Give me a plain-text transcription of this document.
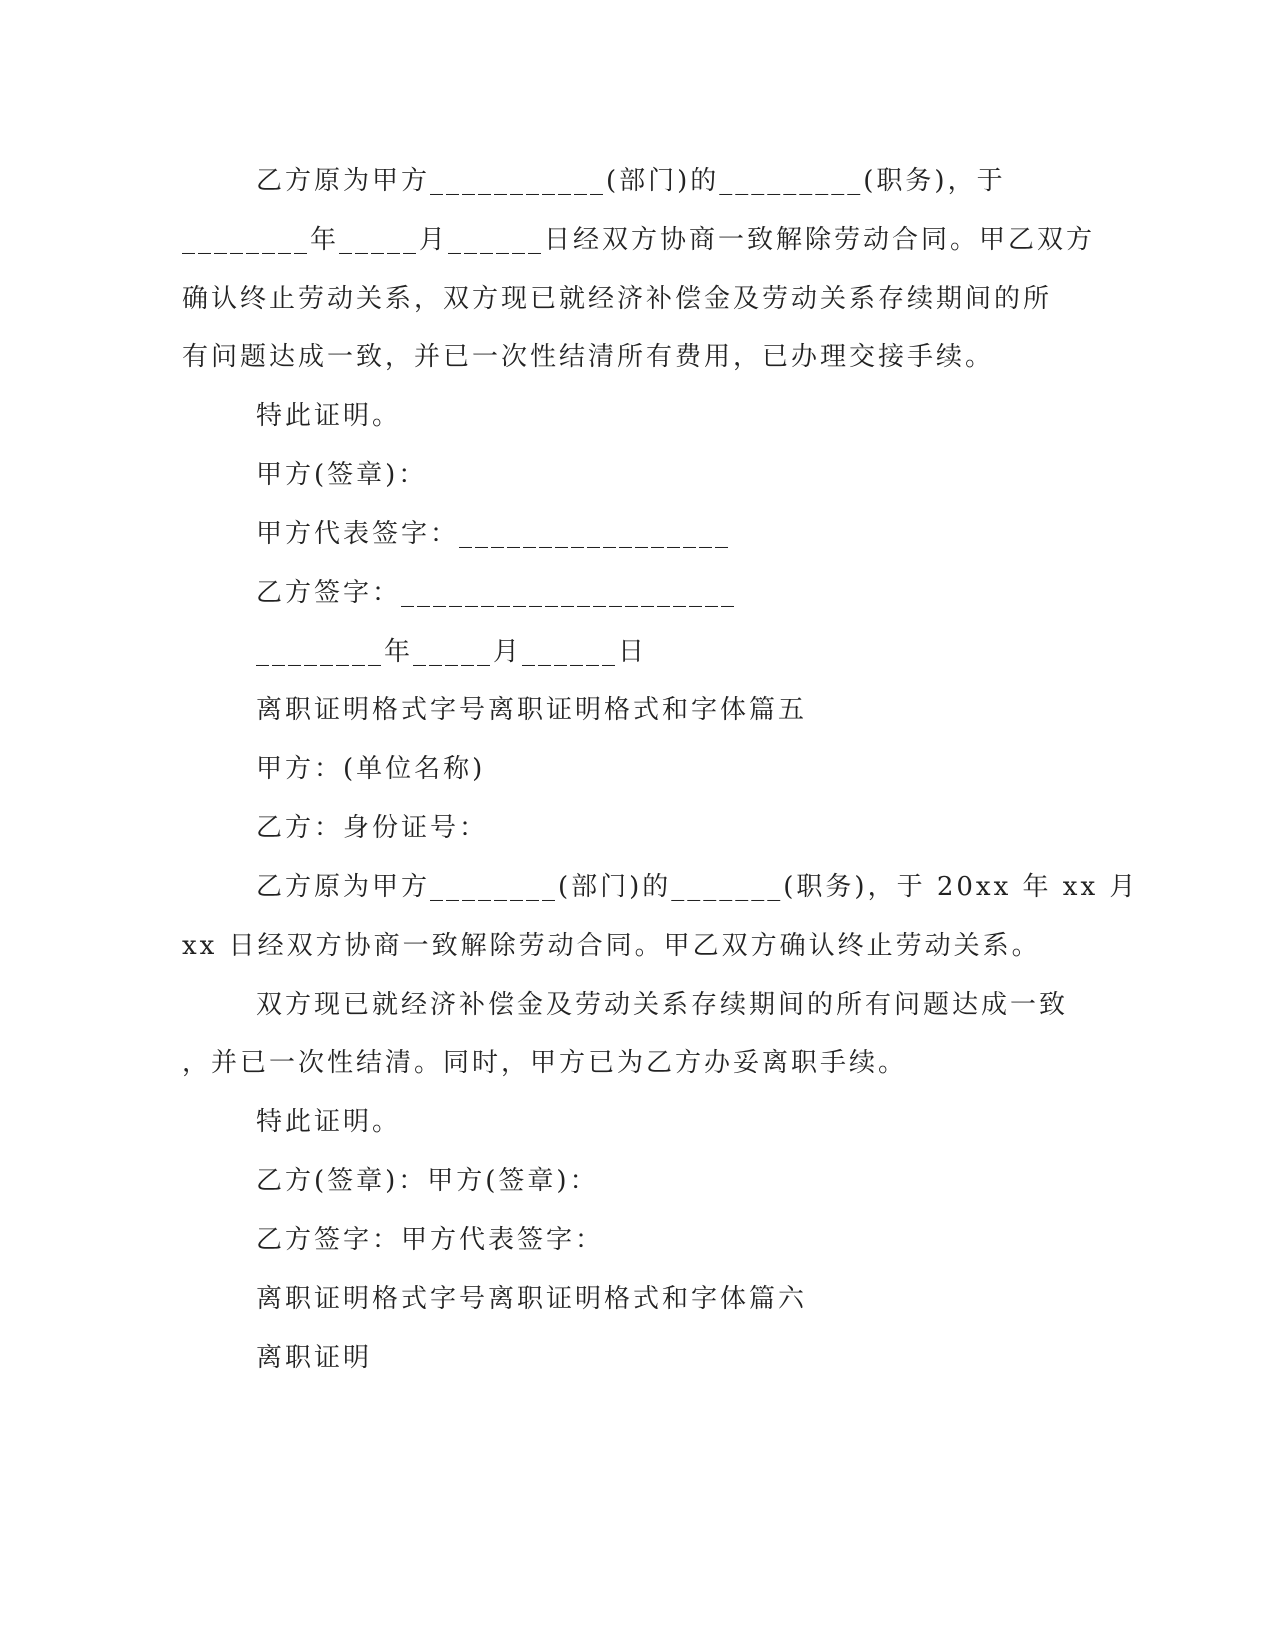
乙方原为甲方___________(部门)的_________(职务)，于
________年_____月______日经双方协商一致解除劳动合同。甲乙双方
确认终止劳动关系，双方现已就经济补偿金及劳动关系存续期间的所
有问题达成一致，并已一次性结清所有费用，已办理交接手续。
特此证明。
甲方(签章)：
甲方代表签字：_________________
乙方签字：_____________________
________年_____月______日
离职证明格式字号离职证明格式和字体篇五
甲方：(单位名称)
乙方：身份证号：
乙方原为甲方________(部门)的_______(职务)，于 20xx 年 xx 月
xx 日经双方协商一致解除劳动合同。甲乙双方确认终止劳动关系。
双方现已就经济补偿金及劳动关系存续期间的所有问题达成一致
，并已一次性结清。同时，甲方已为乙方办妥离职手续。
特此证明。
乙方(签章)：甲方(签章)：
乙方签字：甲方代表签字：
离职证明格式字号离职证明格式和字体篇六
离职证明
